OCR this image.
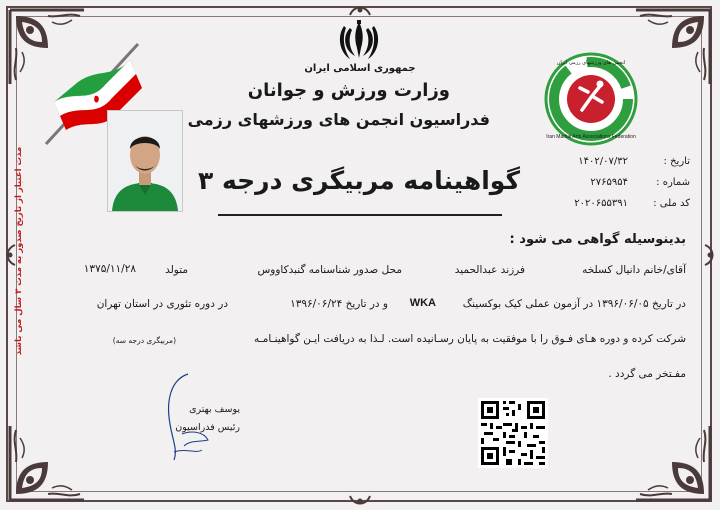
جمهوری اسلامی ایران
وزارت ورزش و جوانان
فدراسیون انجمن های ورزشهای رزمی
گواهینامه مربیگری درجه ۳
Iran Martial Arts Associations Federation
انجمن های ورزشهای رزمی ایران
تاریخ :
۱۴۰۲/۰۷/۳۲
شماره :
۲۷۶۵۹۵۴
کد ملی :
۲۰۲۰۶۵۵۳۹۱
بدینوسیله گواهی می شود :
آقای/خانم دانیال کسلخه
فرزند عبدالحمید
محل صدور شناسنامه گنبدکاووس
متولد
۱۳۷۵/۱۱/۲۸
در تاریخ ۱۳۹۶/۰۶/۰۵ در آزمون عملی کیک بوکسینگ
WKA
و در تاریخ ۱۳۹۶/۰۶/۲۴
در دوره تئوری در استان تهران
شرکت کرده و دوره هـای فـوق را با موفقیت به پایان رسـانیده است. لـذا به دریافت ایـن گواهینـامـه
(مربیگری درجه سه)
مفـتخر می گردد .
یوسف بهتری
رئیس فدراسیون
مدت اعتبار از تاریخ صدور به مدت ۳ سال می باشد
